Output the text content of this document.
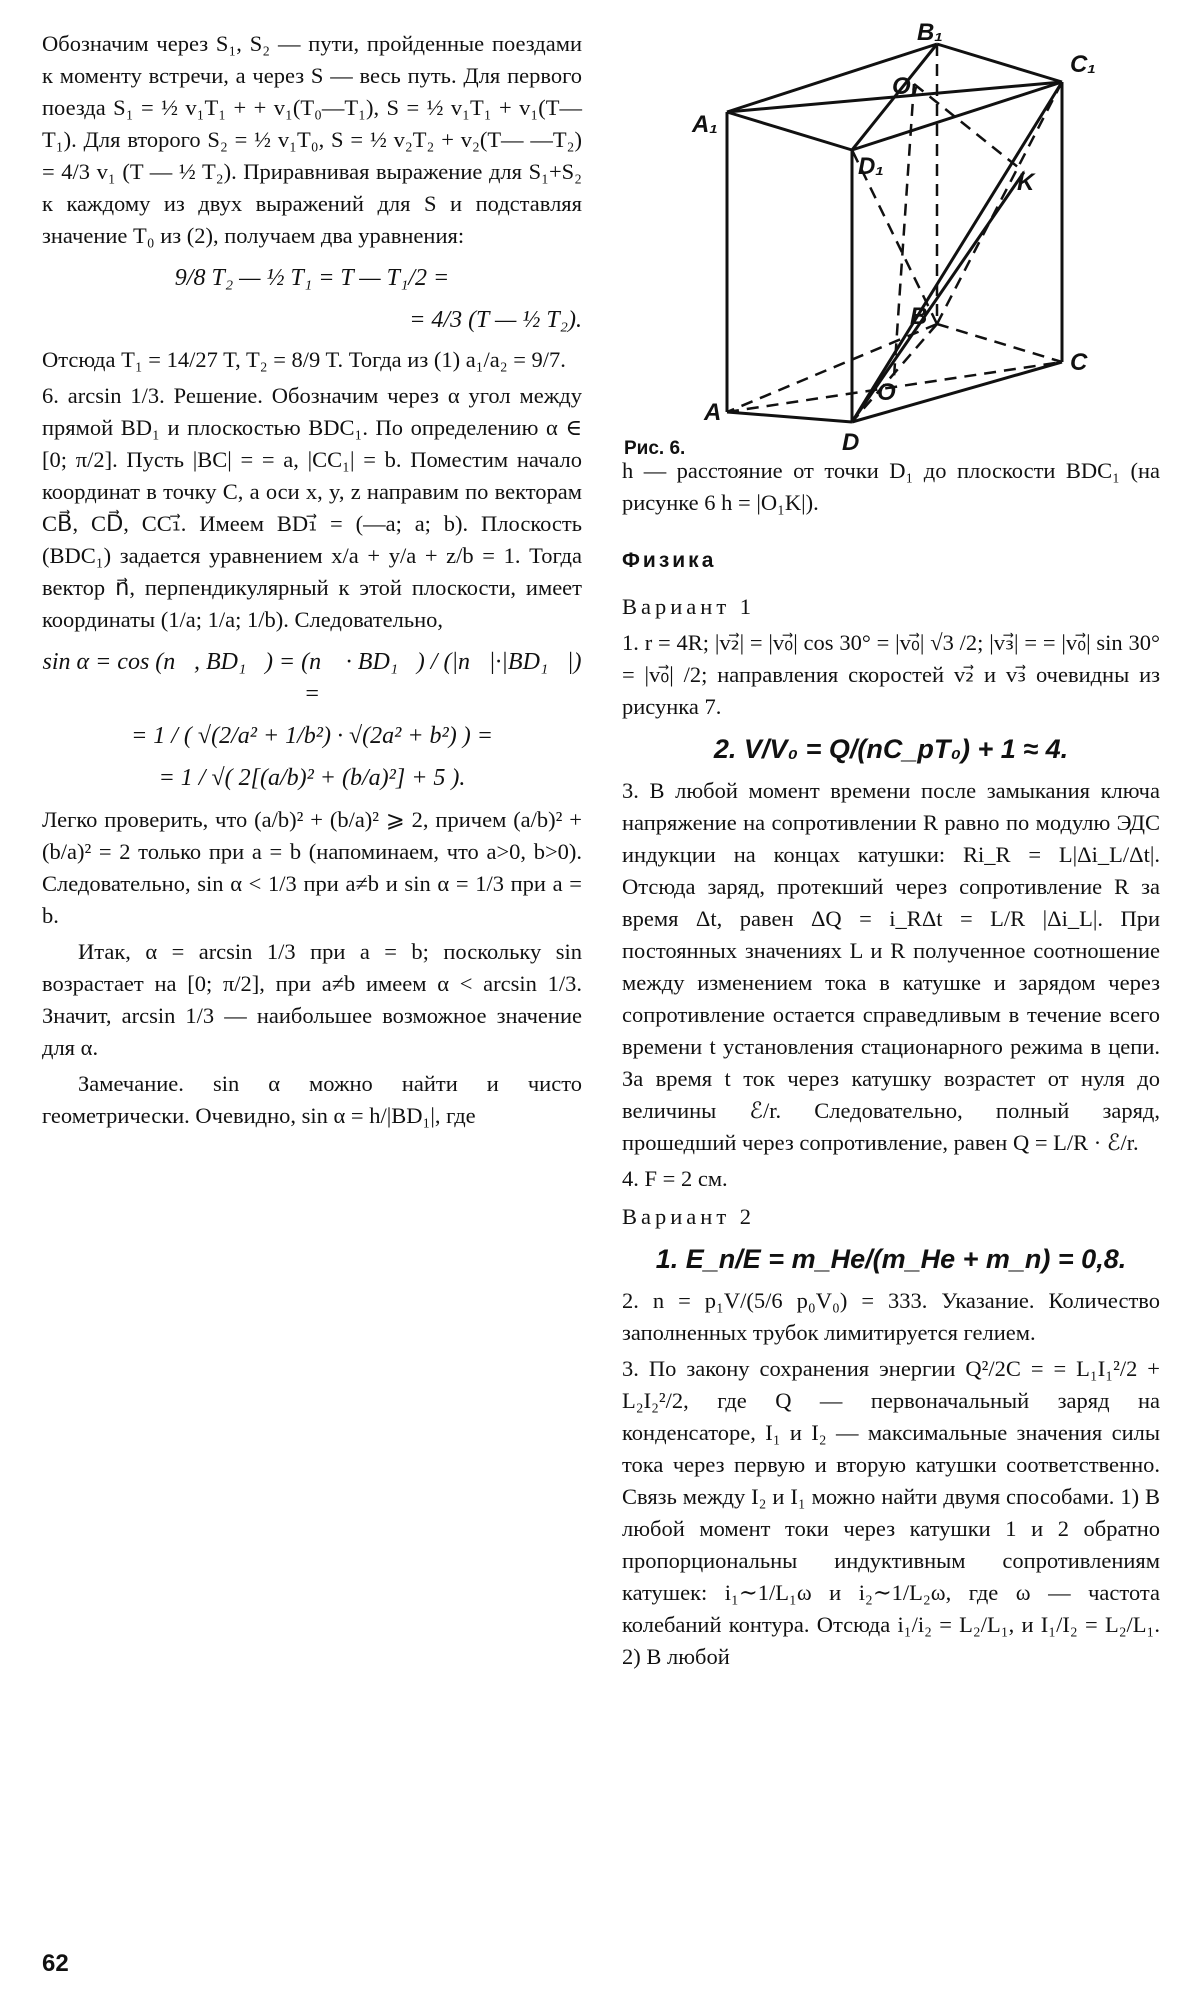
Обозначим через S₁, S₂ — пути, пройденные поездами к моменту встречи, а через S — весь путь. Для первого поезда S₁ = ½ v₁T₁ + + v₁(T₀—T₁), S = ½ v₁T₁ + v₁(T—T₁). Для второго S₂ = ½ v₁T₀, S = ½ v₂T₂ + v₂(T— —T₂) = 4/3 v₁ (T — ½ T₂). Приравнивая выражение для S₁+S₂ к каждому из двух выражений для S и подставляя значение T₀ из (2), получаем два уравнения:

9/8 T₂ — ½ T₁ = T — T₁/2 =
= 4/3 (T — ½ T₂).

Отсюда T₁ = 14/27 T, T₂ = 8/9 T. Тогда из (1) a₁/a₂ = 9/7.

6. arcsin 1/3. Решение. Обозначим через α угол между прямой BD₁ и плоскостью BDC₁. По определению α ∈ [0; π/2]. Пусть |BC| = = a, |CC₁| = b. Поместим начало координат в точку C, а оси x, y, z направим по векторам CB⃗, CD⃗, CC₁⃗. Имеем BD₁⃗ = (—a; a; b). Плоскость (BDC₁) задается уравнением x/a + y/a + z/b = 1. Тогда вектор n⃗, перпендикулярный к этой плоскости, имеет координаты (1/a; 1/a; 1/b). Следовательно,

sin α = cos (n⃗, BD₁⃗) = (n⃗ · BD₁⃗) / (|n⃗|·|BD₁⃗|) =
= 1 / ( √(2/a² + 1/b²) · √(2a² + b²) ) =
= 1 / √( 2[(a/b)² + (b/a)²] + 5 ).

Легко проверить, что (a/b)² + (b/a)² ⩾ 2, причем (a/b)² + (b/a)² = 2 только при a = b (напоминаем, что a>0, b>0). Следовательно, sin α < 1/3 при a≠b и sin α = 1/3 при a = b.

Итак, α = arcsin 1/3 при a = b; поскольку sin возрастает на [0; π/2], при a≠b имеем α < arcsin 1/3. Значит, arcsin 1/3 — наибольшее возможное значение для α.

Замечание. sin α можно найти и чисто геометрически. Очевидно, sin α = h/|BD₁|, где

B₁
C₁
A₁
O₁
D₁
K
B
C
O
A
D
Рис. 6.

h — расстояние от точки D₁ до плоскости BDC₁ (на рисунке 6 h = |O₁K|).

Физика
Вариант 1

1. r = 4R; |v₂⃗| = |v₀⃗| cos 30° = |v₀⃗| √3 /2; |v₃⃗| = = |v₀⃗| sin 30° = |v₀⃗| /2; направления скоростей v₂⃗ и v₃⃗ очевидны из рисунка 7.

2. V/V₀ = Q/(nC_pT₀) + 1 ≈ 4.

3. В любой момент времени после замыкания ключа напряжение на сопротивлении R равно по модулю ЭДС индукции на концах катушки: Ri_R = L|Δi_L/Δt|. Отсюда заряд, протекший через сопротивление R за время Δt, равен ΔQ = i_RΔt = L/R |Δi_L|. При постоянных значениях L и R полученное соотношение между изменением тока в катушке и зарядом через сопротивление остается справедливым в течение всего времени t установления стационарного режима в цепи. За время t ток через катушку возрастет от нуля до величины ℰ/r. Следовательно, полный заряд, прошедший через сопротивление, равен Q = L/R · ℰ/r.

4. F = 2 см.

Вариант 2
1. E_n/E = m_He/(m_He + m_n) = 0,8.

2. n = p₁V/(5/6 p₀V₀) = 333. Указание. Количество заполненных трубок лимитируется гелием.

3. По закону сохранения энергии Q²/2C = = L₁I₁²/2 + L₂I₂²/2, где Q — первоначальный заряд на конденсаторе, I₁ и I₂ — максимальные значения силы тока через первую и вторую катушки соответственно. Связь между I₂ и I₁ можно найти двумя способами. 1) В любой момент токи через катушки 1 и 2 обратно пропорциональны индуктивным сопротивлениям катушек: i₁∼1/L₁ω и i₂∼1/L₂ω, где ω — частота колебаний контура. Отсюда i₁/i₂ = L₂/L₁, и I₁/I₂ = L₂/L₁. 2) В любой

62
